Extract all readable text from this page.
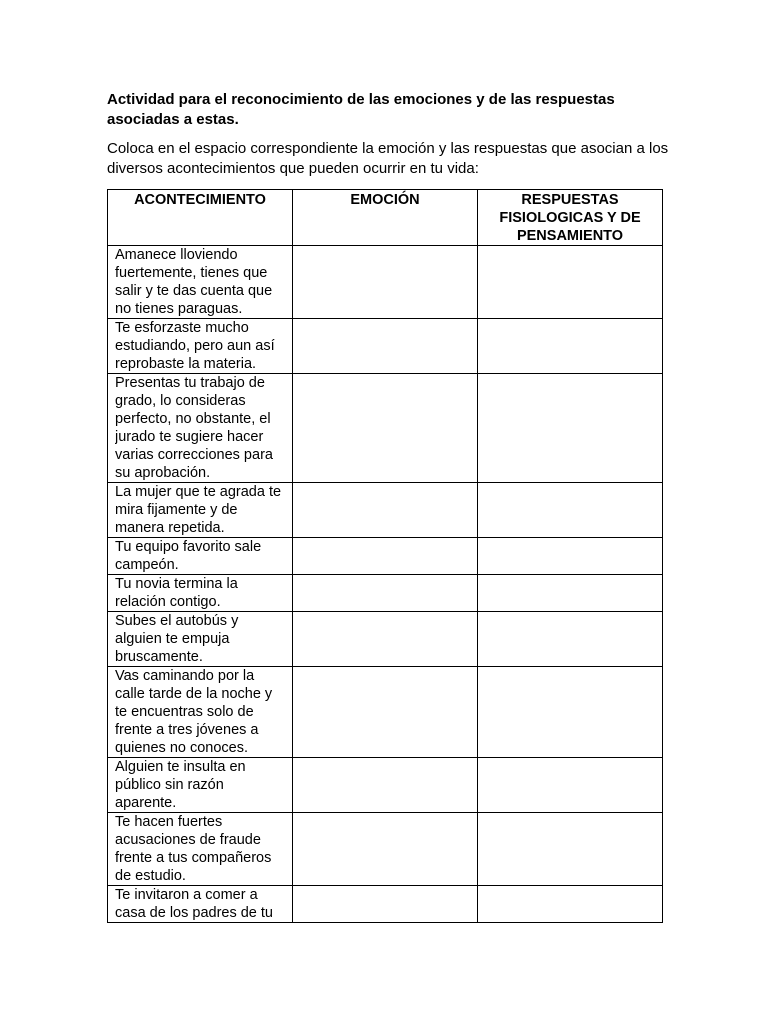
Actividad para el reconocimiento de las emociones y de las respuestas asociadas a estas.

Coloca en el espacio correspondiente la emoción y las respuestas que asocian a los diversos acontecimientos que pueden ocurrir en tu vida:

ACONTECIMIENTO	EMOCIÓN	RESPUESTAS FISIOLOGICAS Y DE PENSAMIENTO

Amanece lloviendo fuertemente, tienes que salir y te das cuenta que no tienes paraguas.		

Te esforzaste mucho estudiando, pero aun así reprobaste la materia.		

Presentas tu trabajo de grado, lo consideras perfecto, no obstante, el jurado te sugiere hacer varias correcciones para su aprobación.		

La mujer que te agrada te mira fijamente y de manera repetida.		

Tu equipo favorito sale campeón.		

Tu novia termina la relación contigo.		

Subes el autobús y alguien te empuja bruscamente.		

Vas caminando por la calle tarde de la noche y te encuentras solo de frente a tres jóvenes a quienes no conoces.		

Alguien te insulta en público sin razón aparente.		

Te hacen fuertes acusaciones de fraude frente a tus compañeros de estudio.		

Te invitaron a comer a casa de los padres de tu		
